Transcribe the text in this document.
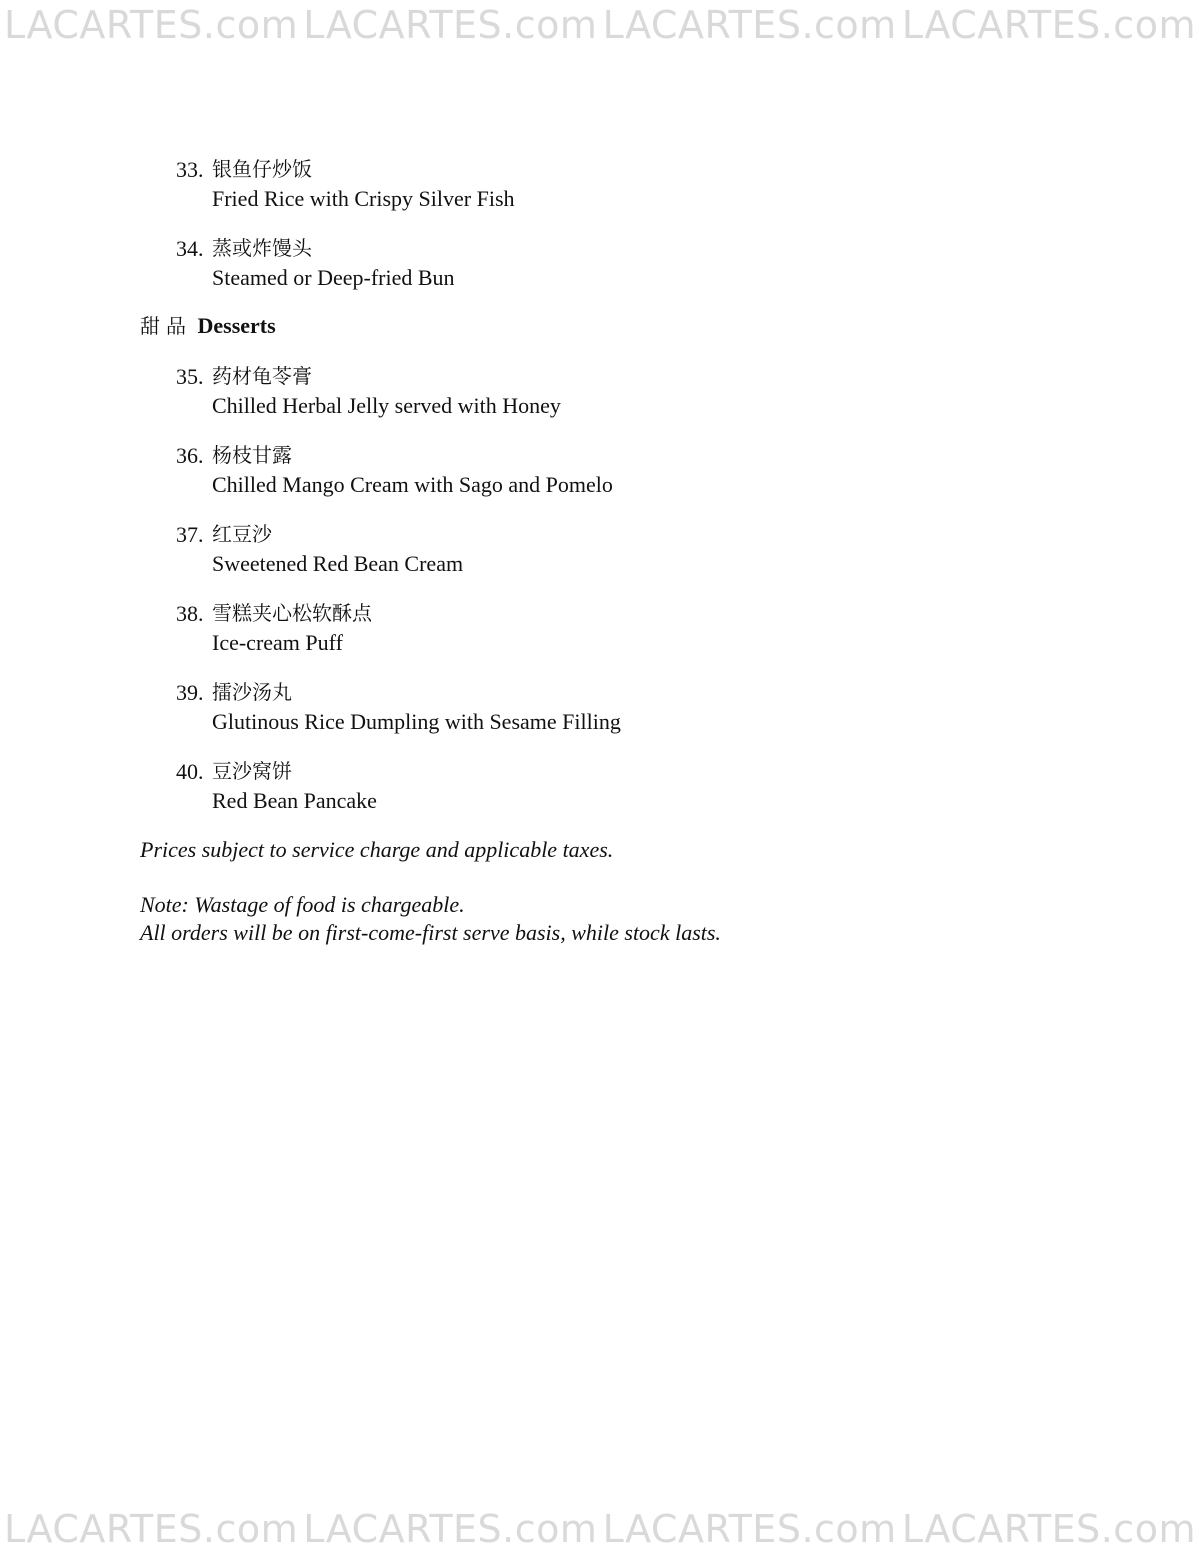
LACARTES.com LACARTES.com LACARTES.com LACARTES.com
33. 银鱼仔炒饭
Fried Rice with Crispy Silver Fish
34. 蒸或炸馒头
Steamed or Deep-fried Bun
甜品 Desserts
35. 药材龟苓膏
Chilled Herbal Jelly served with Honey
36. 杨枝甘露
Chilled Mango Cream with Sago and Pomelo
37. 红豆沙
Sweetened Red Bean Cream
38. 雪糕夹心松软酥点
Ice-cream Puff
39. 擂沙汤丸
Glutinous Rice Dumpling with Sesame Filling
40. 豆沙窝饼
Red Bean Pancake
Prices subject to service charge and applicable taxes.
Note: Wastage of food is chargeable.
All orders will be on first-come-first serve basis, while stock lasts.
LACARTES.com LACARTES.com LACARTES.com LACARTES.com
